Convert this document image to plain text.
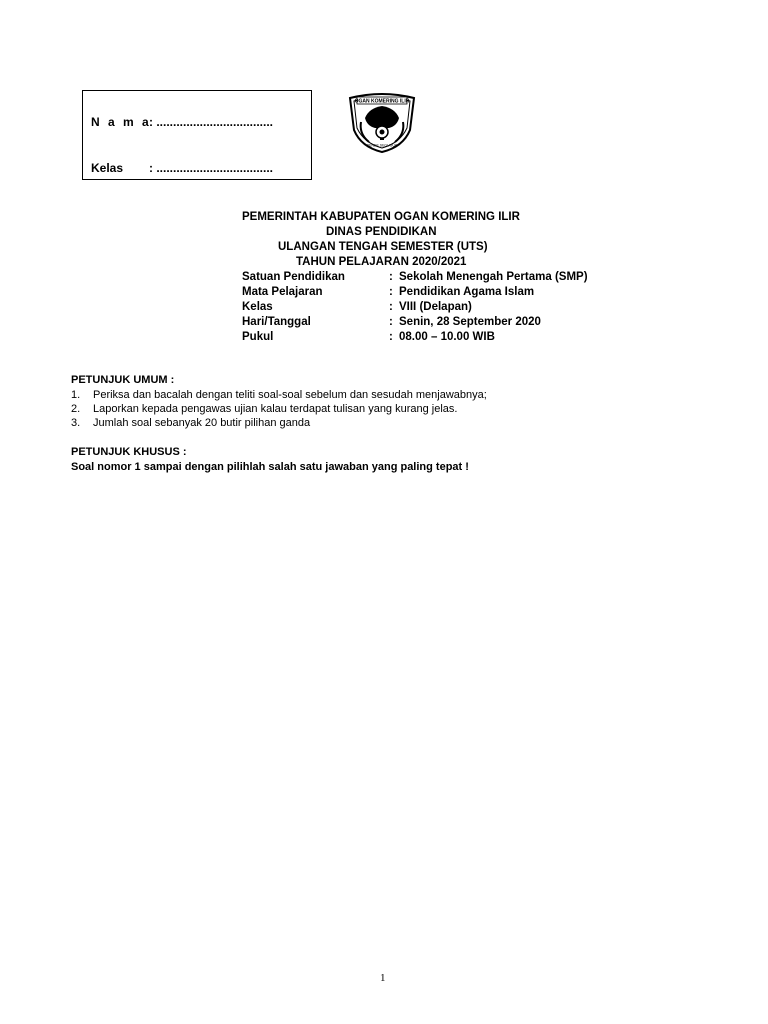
N a m a
: ...................................
Kelas : ...................................
OGAN KOMERING ILIR
BENDE SEGUGUK
PEMERINTAH KABUPATEN OGAN KOMERING ILIR
DINAS PENDIDIKAN
ULANGAN TENGAH SEMESTER (UTS)
TAHUN PELAJARAN 2020/2021
Satuan Pendidikan	: Sekolah Menengah Pertama (SMP)
Mata Pelajaran	: Pendidikan Agama Islam
Kelas	: VIII (Delapan)
Hari/Tanggal	: Senin, 28 September 2020
Pukul	: 08.00 – 10.00 WIB
PETUNJUK UMUM :
1. Periksa dan bacalah dengan teliti soal-soal sebelum dan sesudah menjawabnya;
2. Laporkan kepada pengawas ujian kalau terdapat tulisan yang kurang jelas.
3. Jumlah soal sebanyak 20 butir pilihan ganda
PETUNJUK KHUSUS :
Soal nomor 1 sampai dengan pilihlah salah satu jawaban yang paling tepat !
1
